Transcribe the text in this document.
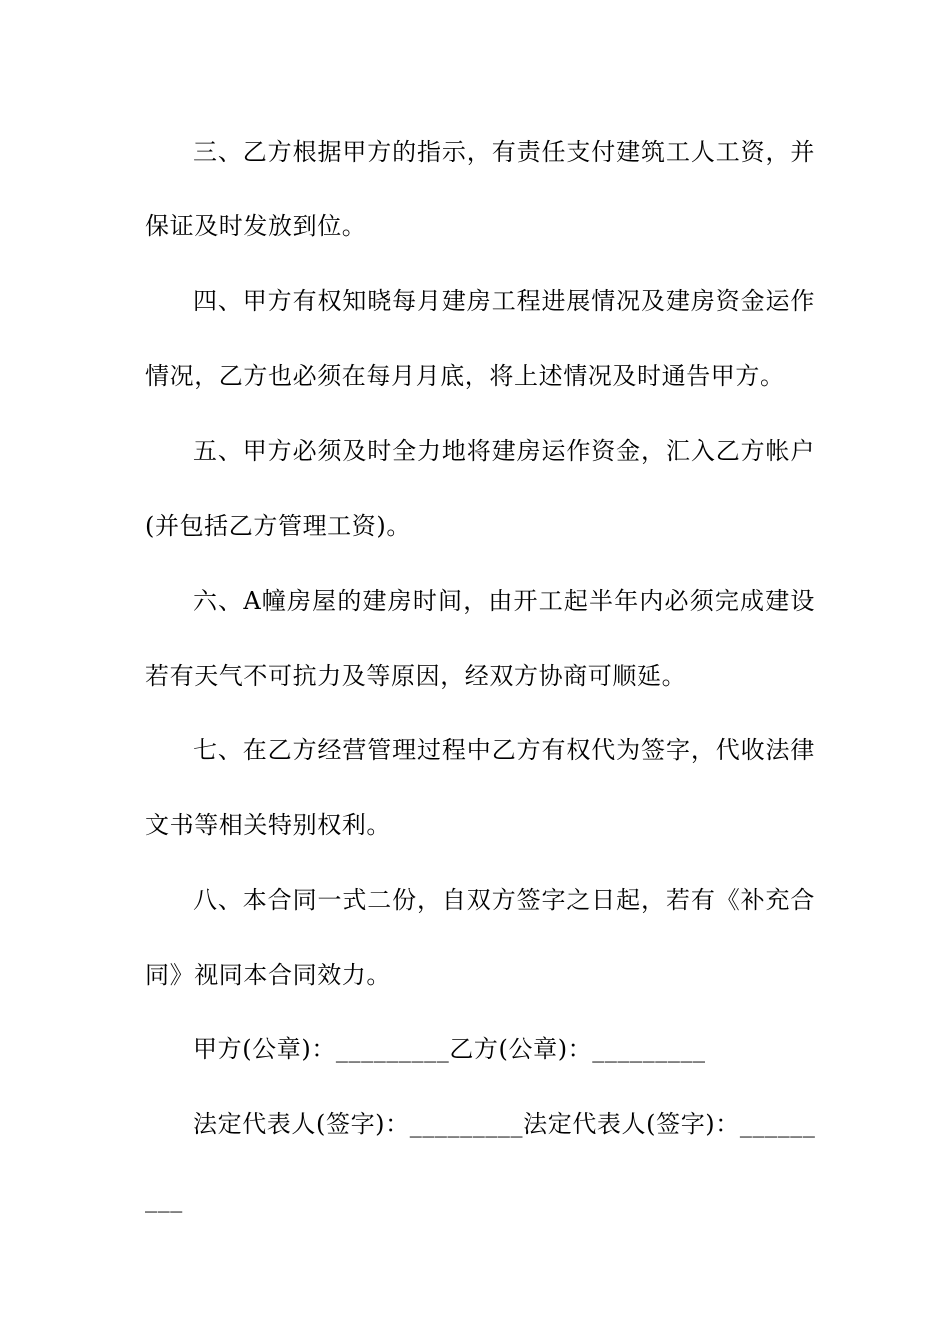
三、乙方根据甲方的指示，有责任支付建筑工人工资，并
保证及时发放到位。
四、甲方有权知晓每月建房工程进展情况及建房资金运作
情况，乙方也必须在每月月底，将上述情况及时通告甲方。
五、甲方必须及时全力地将建房运作资金，汇入乙方帐户
(并包括乙方管理工资)。
六、A幢房屋的建房时间，由开工起半年内必须完成建设
若有天气不可抗力及等原因，经双方协商可顺延。
七、在乙方经营管理过程中乙方有权代为签字，代收法律
文书等相关特别权利。
八、本合同一式二份，自双方签字之日起，若有《补充合
同》视同本合同效力。
甲方(公章)：_________乙方(公章)：_________
法定代表人(签字)：_________法定代表人(签字)：______
___
